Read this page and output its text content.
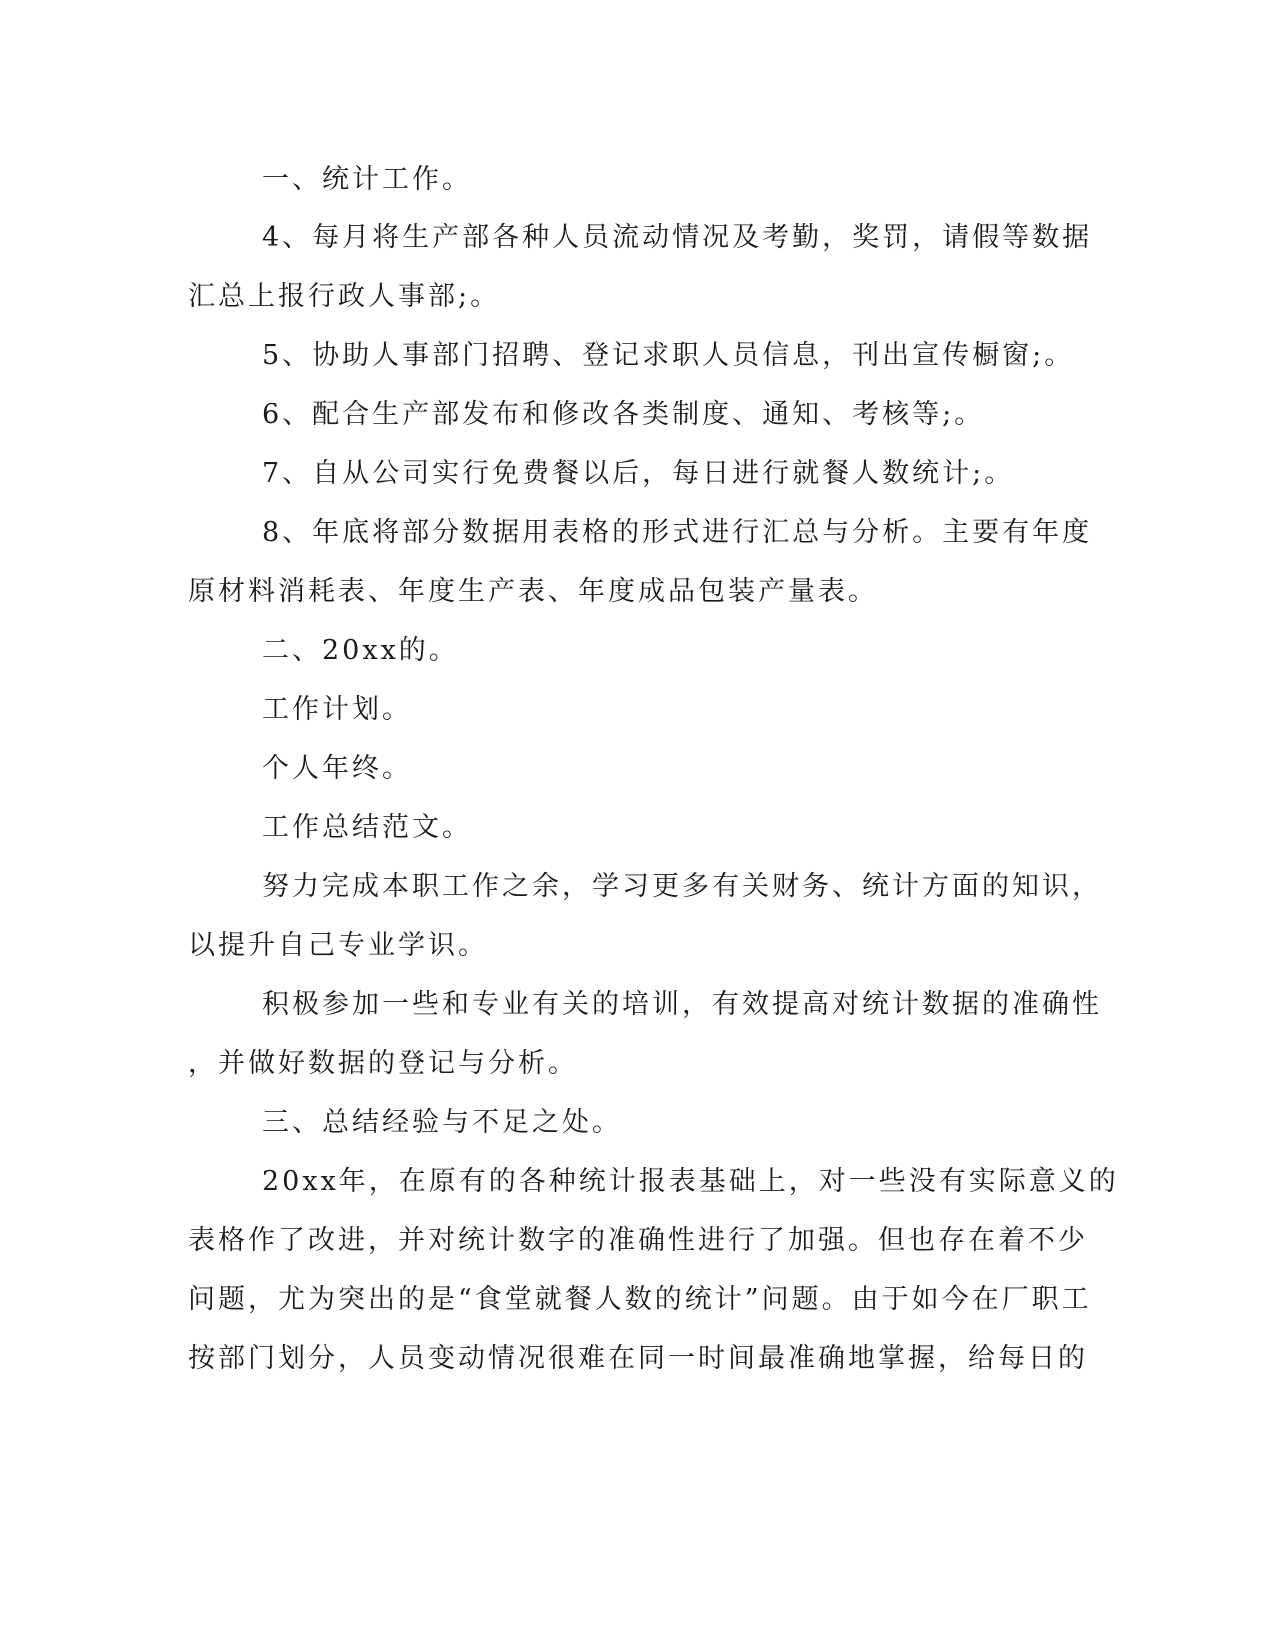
一、统计工作。
4、每月将生产部各种人员流动情况及考勤，奖罚，请假等数据
汇总上报行政人事部;。
5、协助人事部门招聘、登记求职人员信息，刊出宣传橱窗;。
6、配合生产部发布和修改各类制度、通知、考核等;。
7、自从公司实行免费餐以后，每日进行就餐人数统计;。
8、年底将部分数据用表格的形式进行汇总与分析。主要有年度
原材料消耗表、年度生产表、年度成品包装产量表。
二、20xx的。
工作计划。
个人年终。
工作总结范文。
努力完成本职工作之余，学习更多有关财务、统计方面的知识，
以提升自己专业学识。
积极参加一些和专业有关的培训，有效提高对统计数据的准确性
，并做好数据的登记与分析。
三、总结经验与不足之处。
20xx年，在原有的各种统计报表基础上，对一些没有实际意义的
表格作了改进，并对统计数字的准确性进行了加强。但也存在着不少
问题，尤为突出的是“食堂就餐人数的统计”问题。由于如今在厂职工
按部门划分，人员变动情况很难在同一时间最准确地掌握，给每日的
